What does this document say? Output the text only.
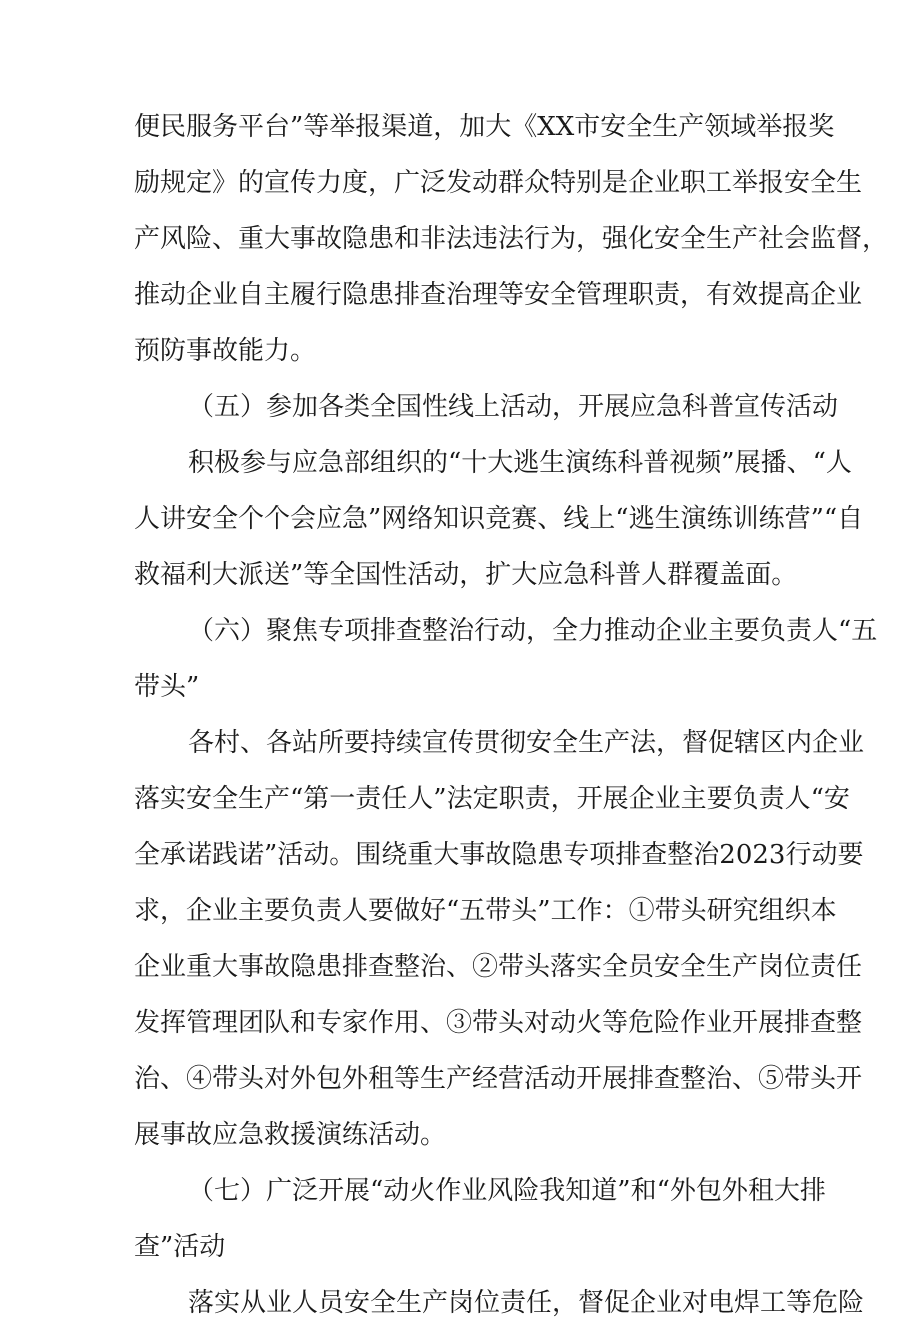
便民服务平台”等举报渠道，加大《XX市安全生产领域举报奖
励规定》的宣传力度，广泛发动群众特别是企业职工举报安全生
产风险、重大事故隐患和非法违法行为，强化安全生产社会监督，
推动企业自主履行隐患排查治理等安全管理职责，有效提高企业
预防事故能力。
（五）参加各类全国性线上活动，开展应急科普宣传活动
积极参与应急部组织的“十大逃生演练科普视频”展播、“人
人讲安全个个会应急”网络知识竞赛、线上“逃生演练训练营”“自
救福利大派送”等全国性活动，扩大应急科普人群覆盖面。
（六）聚焦专项排查整治行动，全力推动企业主要负责人“五
带头”
各村、各站所要持续宣传贯彻安全生产法，督促辖区内企业
落实安全生产“第一责任人”法定职责，开展企业主要负责人“安
全承诺践诺”活动。围绕重大事故隐患专项排查整治2023行动要
求，企业主要负责人要做好“五带头”工作：①带头研究组织本
企业重大事故隐患排查整治、②带头落实全员安全生产岗位责任
发挥管理团队和专家作用、③带头对动火等危险作业开展排查整
治、④带头对外包外租等生产经营活动开展排查整治、⑤带头开
展事故应急救援演练活动。
（七）广泛开展“动火作业风险我知道”和“外包外租大排
查”活动
落实从业人员安全生产岗位责任，督促企业对电焊工等危险
